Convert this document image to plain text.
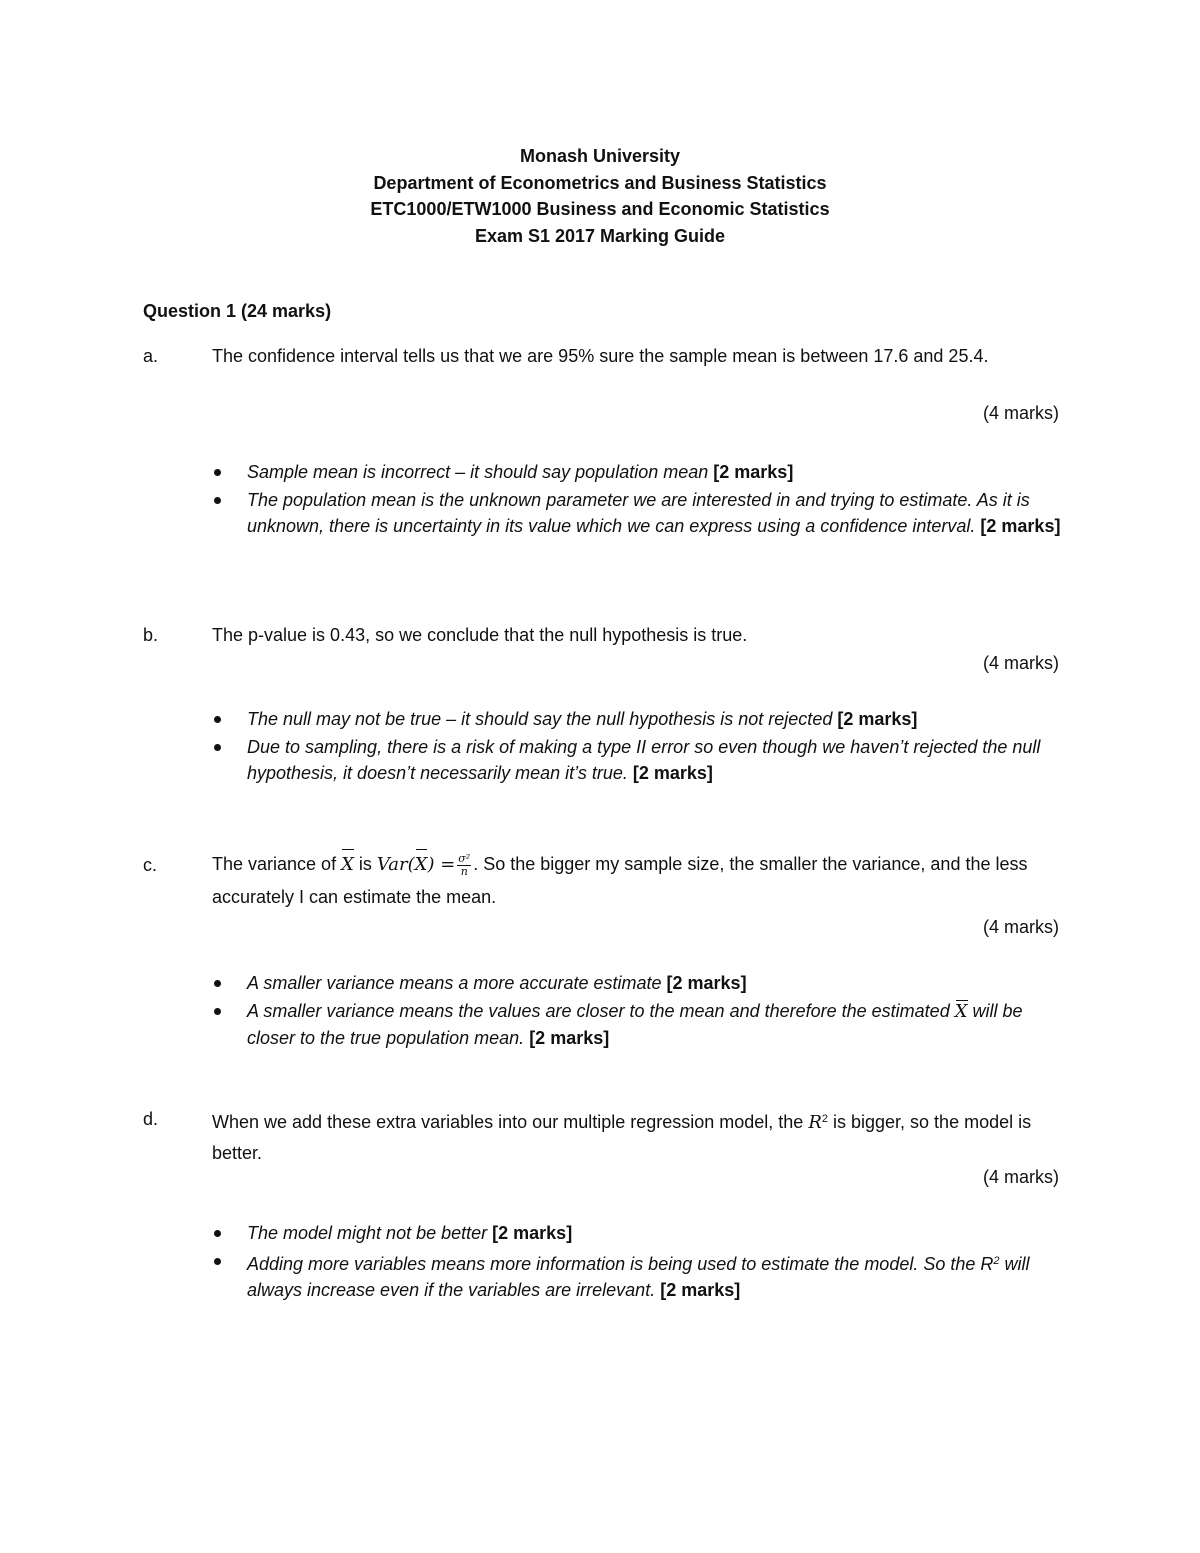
Monash University
Department of Econometrics and Business Statistics
ETC1000/ETW1000 Business and Economic Statistics
Exam S1 2017 Marking Guide
Question 1 (24 marks)
a.	The confidence interval tells us that we are 95% sure the sample mean is between 17.6 and 25.4.
(4 marks)
Sample mean is incorrect – it should say population mean [2 marks]
The population mean is the unknown parameter we are interested in and trying to estimate. As it is unknown, there is uncertainty in its value which we can express using a confidence interval. [2 marks]
b.	The p-value is 0.43, so we conclude that the null hypothesis is true.
(4 marks)
The null may not be true – it should say the null hypothesis is not rejected [2 marks]
Due to sampling, there is a risk of making a type II error so even though we haven’t rejected the null hypothesis, it doesn’t necessarily mean it’s true. [2 marks]
c.	The variance of X is $Var(X) = \frac{\text{σ²}}{n}$ . So the bigger my sample size, the smaller the variance, and the less accurately I can estimate the mean.
(4 marks)
A smaller variance means a more accurate estimate [2 marks]
A smaller variance means the values are closer to the mean and therefore the estimated X will be closer to the true population mean. [2 marks]
d.	When we add these extra variables into our multiple regression model, the $R^2$ is bigger, so the model is better.
(4 marks)
The model might not be better [2 marks]
Adding more variables means more information is being used to estimate the model. So the $R^2$ will always increase even if the variables are irrelevant. [2 marks]
